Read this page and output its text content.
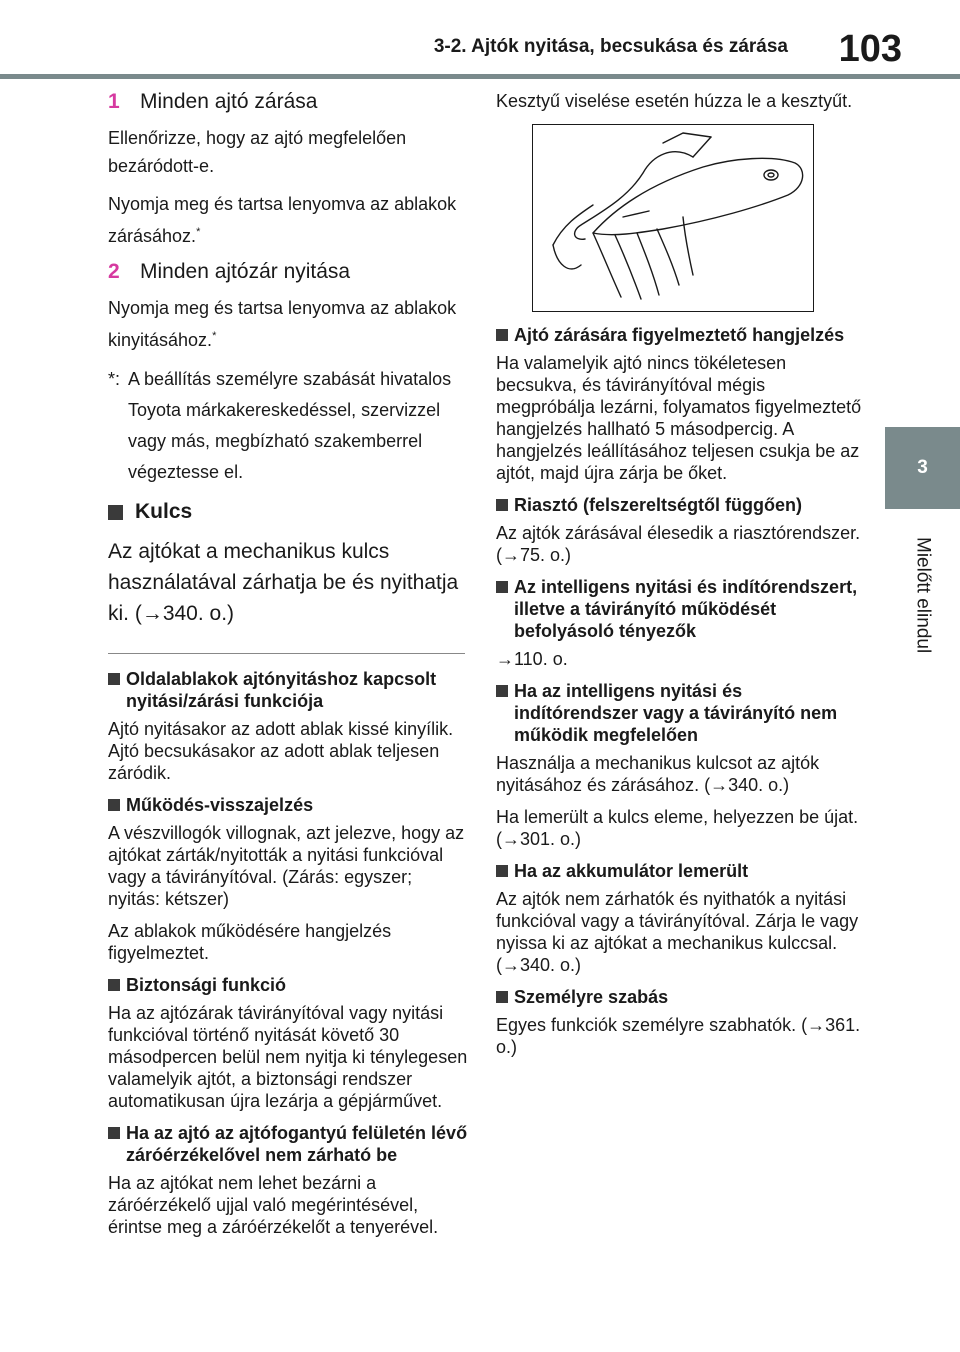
3-2. Ajtók nyitása, becsukása és zárása	103
3
Mielőtt elindul
1 Minden ajtó zárása

Ellenőrizze, hogy az ajtó megfelelően bezáródott-e.

Nyomja meg és tartsa lenyomva az ablakok zárásához.*

2 Minden ajtózár nyitása

Nyomja meg és tartsa lenyomva az ablakok kinyitásához.*

*: A beállítás személyre szabását hivatalos Toyota márkakereskedéssel, szervizzel vagy más, megbízható szakemberrel végeztesse el.
Kulcs

Az ajtókat a mechanikus kulcs használatával zárhatja be és nyithatja ki. (→340. o.)

Oldalablakok ajtónyitáshoz kapcsolt nyitási/zárási funkciója

Ajtó nyitásakor az adott ablak kissé kinyílik. Ajtó becsukásakor az adott ablak teljesen záródik.

Működés-visszajelzés

A vészvillogók villognak, azt jelezve, hogy az ajtókat zárták/nyitották a nyitási funkcióval vagy a távirányítóval. (Zárás: egyszer; nyitás: kétszer)

Az ablakok működésére hangjelzés figyelmeztet.

Biztonsági funkció

Ha az ajtózárak távirányítóval vagy nyitási funkcióval történő nyitását követő 30 másodpercen belül nem nyitja ki ténylegesen valamelyik ajtót, a biztonsági rendszer automatikusan újra lezárja a gépjárművet.

Ha az ajtó az ajtófogantyú felületén lévő záróérzékelővel nem zárható be

Ha az ajtókat nem lehet bezárni a záróérzékelő ujjal való megérintésével, érintse meg a záróérzékelőt a tenyerével.

Kesztyű viselése esetén húzza le a kesztyűt.

Ajtó zárására figyelmeztető hangjelzés

Ha valamelyik ajtó nincs tökéletesen becsukva, és távirányítóval mégis megpróbálja lezárni, folyamatos figyelmeztető hangjelzés hallható 5 másodpercig. A hangjelzés leállításához teljesen csukja be az ajtót, majd újra zárja be őket.

Riasztó (felszereltségtől függően)

Az ajtók zárásával élesedik a riasztórendszer. (→75. o.)

Az intelligens nyitási és indítórendszert, illetve a távirányító működését befolyásoló tényezők

→110. o.

Ha az intelligens nyitási és indítórendszer vagy a távirányító nem működik megfelelően

Használja a mechanikus kulcsot az ajtók nyitásához és zárásához. (→340. o.)

Ha lemerült a kulcs eleme, helyezzen be újat. (→301. o.)

Ha az akkumulátor lemerült

Az ajtók nem zárhatók és nyithatók a nyitási funkcióval vagy a távirányítóval. Zárja le vagy nyissa ki az ajtókat a mechanikus kulccsal. (→340. o.)

Személyre szabás

Egyes funkciók személyre szabhatók. (→361. o.)
